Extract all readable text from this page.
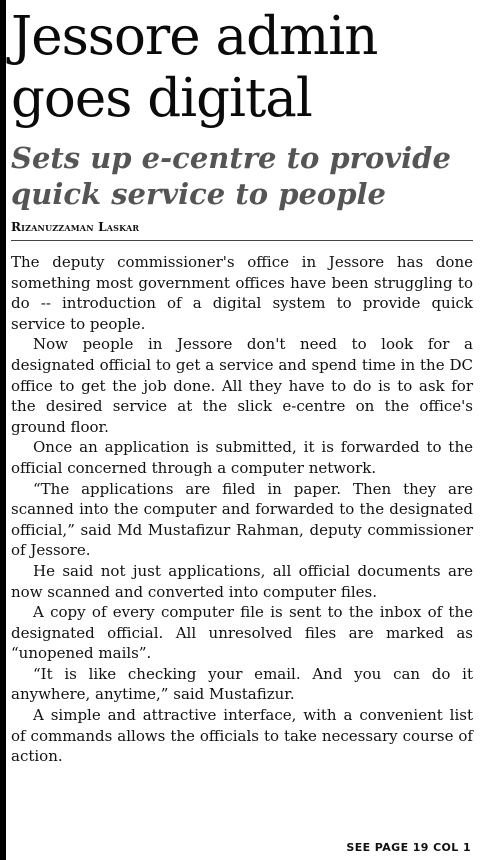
Jessore admin goes digital
Sets up e-centre to provide quick service to people
Rizanuzzaman Laskar

The deputy commissioner's office in Jessore has done something most government offices have been struggling to do -- introduction of a digital system to provide quick service to people.

Now people in Jessore don't need to look for a designated official to get a service and spend time in the DC office to get the job done. All they have to do is to ask for the desired service at the slick e-centre on the office's ground floor.

Once an application is submitted, it is forwarded to the official concerned through a computer network.

“The applications are filed in paper. Then they are scanned into the computer and forwarded to the designated official,” said Md Mustafizur Rahman, deputy commissioner of Jessore.

He said not just applications, all official documents are now scanned and converted into computer files.

A copy of every computer file is sent to the inbox of the designated official. All unresolved files are marked as “unopened mails”.

“It is like checking your email. And you can do it anywhere, anytime,” said Mustafizur.

A simple and attractive interface, with a convenient list of commands allows the officials to take necessary course of action.

SEE PAGE 19 COL 1
